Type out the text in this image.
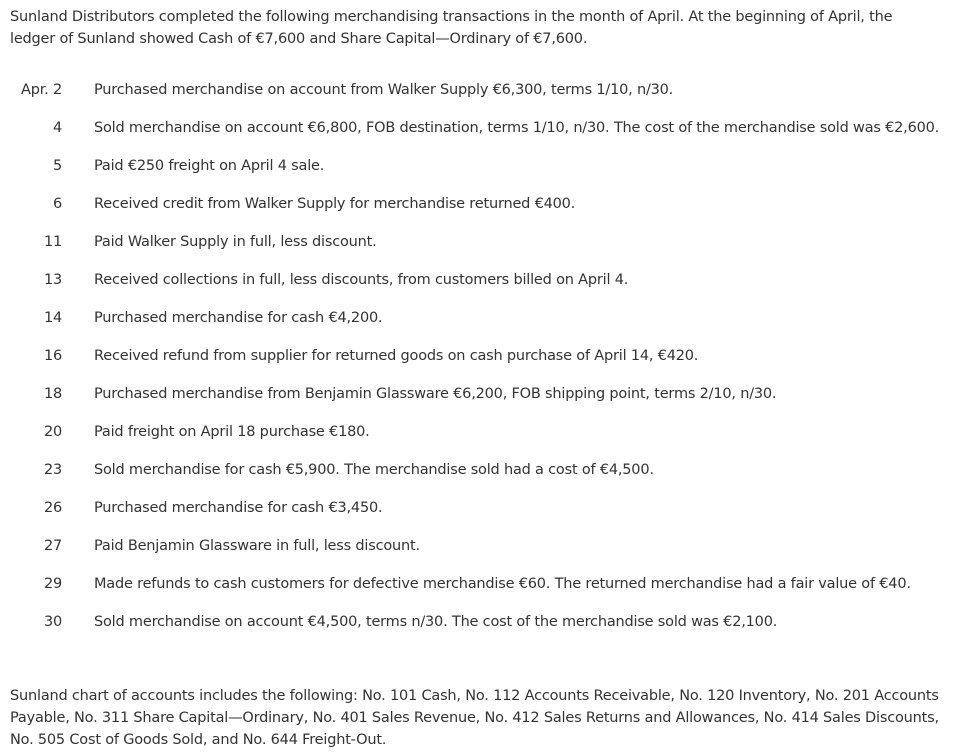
Sunland Distributors completed the following merchandising transactions in the month of April. At the beginning of April, the ledger of Sunland showed Cash of €7,600 and Share Capital—Ordinary of €7,600.
Apr. 2 Purchased merchandise on account from Walker Supply €6,300, terms 1/10, n/30.
4 Sold merchandise on account €6,800, FOB destination, terms 1/10, n/30. The cost of the merchandise sold was €2,600.
5 Paid €250 freight on April 4 sale.
6 Received credit from Walker Supply for merchandise returned €400.
11 Paid Walker Supply in full, less discount.
13 Received collections in full, less discounts, from customers billed on April 4.
14 Purchased merchandise for cash €4,200.
16 Received refund from supplier for returned goods on cash purchase of April 14, €420.
18 Purchased merchandise from Benjamin Glassware €6,200, FOB shipping point, terms 2/10, n/30.
20 Paid freight on April 18 purchase €180.
23 Sold merchandise for cash €5,900. The merchandise sold had a cost of €4,500.
26 Purchased merchandise for cash €3,450.
27 Paid Benjamin Glassware in full, less discount.
29 Made refunds to cash customers for defective merchandise €60. The returned merchandise had a fair value of €40.
30 Sold merchandise on account €4,500, terms n/30. The cost of the merchandise sold was €2,100.
Sunland chart of accounts includes the following: No. 101 Cash, No. 112 Accounts Receivable, No. 120 Inventory, No. 201 Accounts Payable, No. 311 Share Capital—Ordinary, No. 401 Sales Revenue, No. 412 Sales Returns and Allowances, No. 414 Sales Discounts, No. 505 Cost of Goods Sold, and No. 644 Freight-Out.
